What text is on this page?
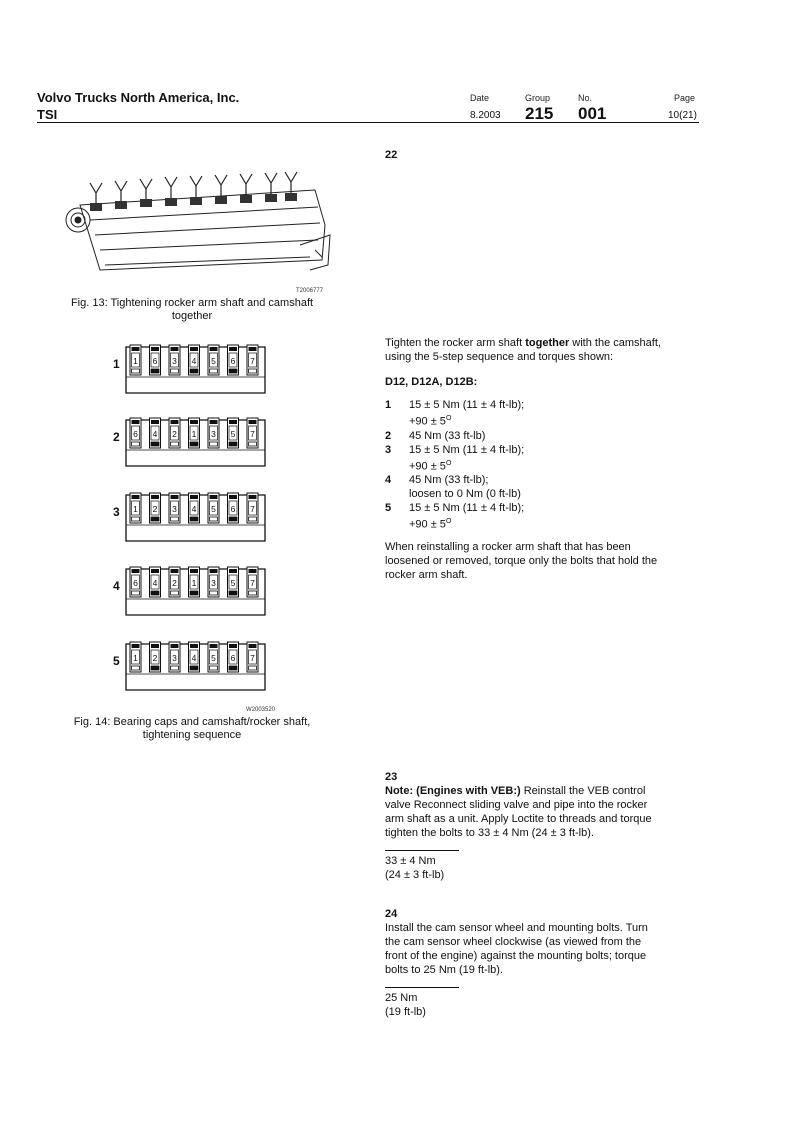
Volvo Trucks North America, Inc.
TSI
Date
8.2003
Group
215
No.
001
Page
10(21)
T2006777
Fig. 13: Tightening rocker arm shaft and camshaft
together
1 1 6 3 4 5 6 7
2 6 4 2 1 3 5 7
3 1 2 3 4 5 6 7
4 6 4 2 1 3 5 7
5 1 2 3 4 5 6 7
W2003520
Fig. 14: Bearing caps and camshaft/rocker shaft,
tightening sequence
22
Tighten the rocker arm shaft together with the camshaft,
using the 5-step sequence and torques shown:
D12, D12A, D12B:
1	15 ± 5 Nm (11 ± 4 ft-lb);
$+90 \pm 5^O$
2	45 Nm (33 ft-lb)
3	15 ± 5 Nm (11 ± 4 ft-lb);
$+90 \pm 5^O$
4	45 Nm (33 ft-lb);
loosen to 0 Nm (0 ft-lb)
5	15 ± 5 Nm (11 ± 4 ft-lb);
$+90 \pm 5^O$
When reinstalling a rocker arm shaft that has been
loosened or removed, torque only the bolts that hold the
rocker arm shaft.
23
Note: (Engines with VEB:) Reinstall the VEB control
valve Reconnect sliding valve and pipe into the rocker
arm shaft as a unit. Apply Loctite to threads and torque
tighten the bolts to 33 ± 4 Nm (24 ± 3 ft-lb).
33 ± 4 Nm
(24 ± 3 ft-lb)
24
Install the cam sensor wheel and mounting bolts. Turn
the cam sensor wheel clockwise (as viewed from the
front of the engine) against the mounting bolts; torque
bolts to 25 Nm (19 ft-lb).
25 Nm
(19 ft-lb)
